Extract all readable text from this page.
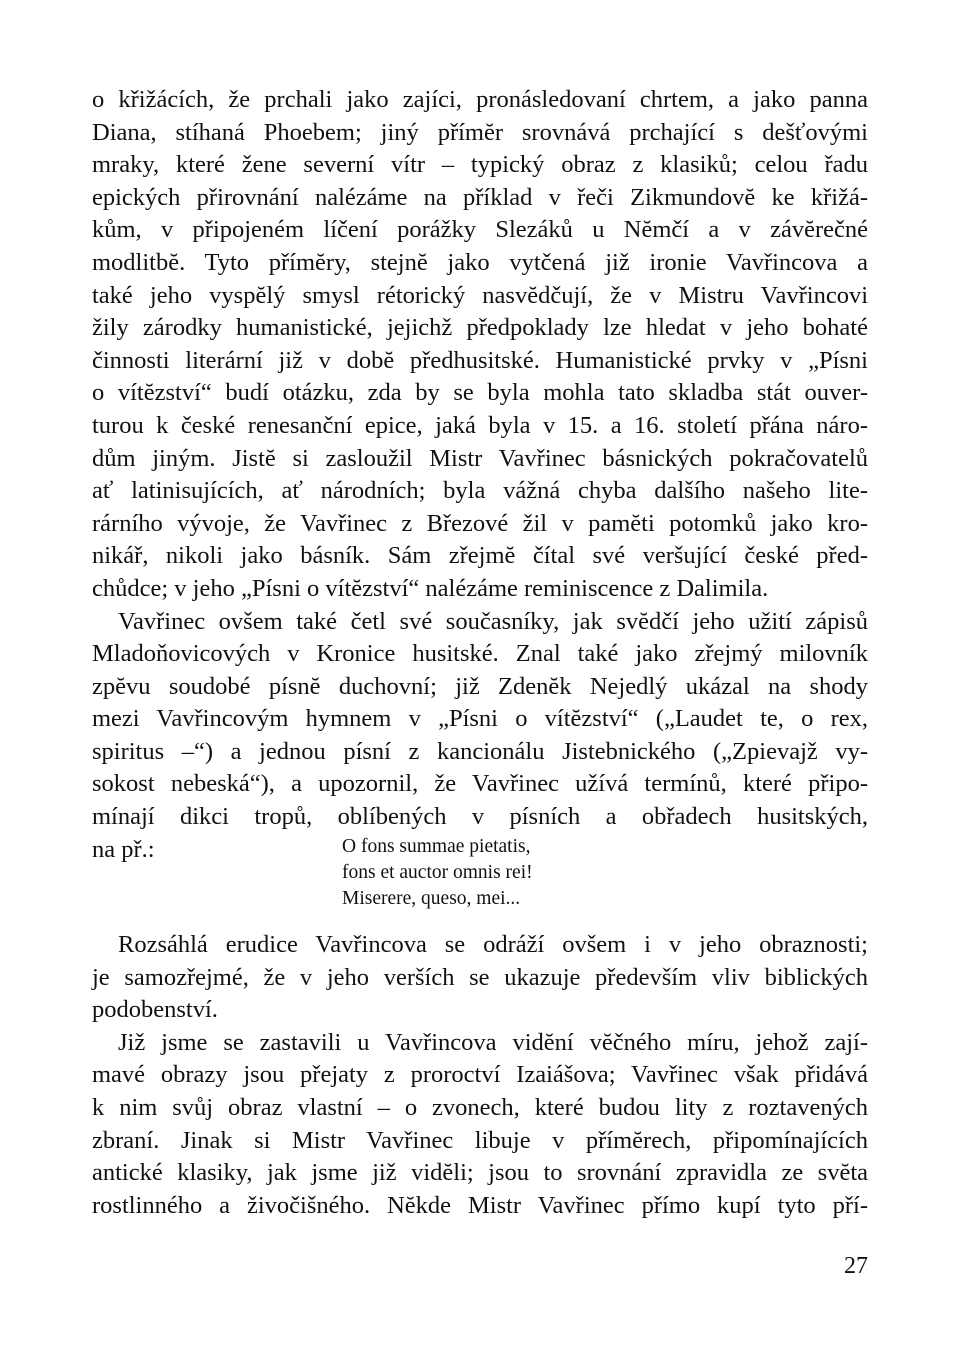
o křižácích, že prchali jako zajíci, pronásledovaní chrtem, a jako panna
Diana, stíhaná Phoebem; jiný přímĕr srovnává prchající s dešťovými
mraky, které žene severní vítr – typický obraz z klasiků; celou řadu
epických přirovnání nalézáme na příklad v řeči Zikmundovĕ ke křižá-
kům, v připojeném líčení porážky Slezáků u Nĕmčí a v závĕrečné
modlitbĕ. Tyto přímĕry, stejnĕ jako vytčená již ironie Vavřincova a
také jeho vyspĕlý smysl rétorický nasvĕdčují, že v Mistru Vavřincovi
žily zárodky humanistické, jejichž předpoklady lze hledat v jeho bohaté
činnosti literární již v dobĕ předhusitské. Humanistické prvky v „Písni
o vítĕzství“ budí otázku, zda by se byla mohla tato skladba stát ouver-
turou k české renesanční epice, jaká byla v 15. a 16. století přána náro-
dům jiným. Jistĕ si zasloužil Mistr Vavřinec básnických pokračovatelů
ať latinisujících, ať národních; byla vážná chyba dalšího našeho lite-
rárního vývoje, že Vavřinec z Březové žil v pamĕti potomků jako kro-
nikář, nikoli jako básník. Sám zřejmĕ čítal své veršující české před-
chůdce; v jeho „Písni o vítĕzství“ nalézáme reminiscence z Dalimila.
Vavřinec ovšem také četl své současníky, jak svĕdčí jeho užití zápisů
Mladoňovicových v Kronice husitské. Znal také jako zřejmý milovník
zpĕvu soudobé písnĕ duchovní; již Zdenĕk Nejedlý ukázal na shody
mezi Vavřincovým hymnem v „Písni o vítĕzství“ („Laudet te, o rex,
spiritus –“) a jednou písní z kancionálu Jistebnického („Zpievajž vy-
sokost nebeská“), a upozornil, že Vavřinec užívá termínů, které připo-
mínají dikci tropů, oblíbených v písních a obřadech husitských,
na př.:	O fons summae pietatis,
fons et auctor omnis rei!
Miserere, queso, mei...
Rozsáhlá erudice Vavřincova se odráží ovšem i v jeho obraznosti;
je samozřejmé, že v jeho verších se ukazuje především vliv biblických
podobenství.
Již jsme se zastavili u Vavřincova vidĕní vĕčného míru, jehož zají-
mavé obrazy jsou přejaty z proroctví Izaiášova; Vavřinec však přidává
k nim svůj obraz vlastní – o zvonech, které budou lity z roztavených
zbraní. Jinak si Mistr Vavřinec libuje v přímĕrech, připomínajících
antické klasiky, jak jsme již vidĕli; jsou to srovnání zpravidla ze svĕta
rostlinného a živočišného. Nĕkde Mistr Vavřinec přímo kupí tyto pří-
27
